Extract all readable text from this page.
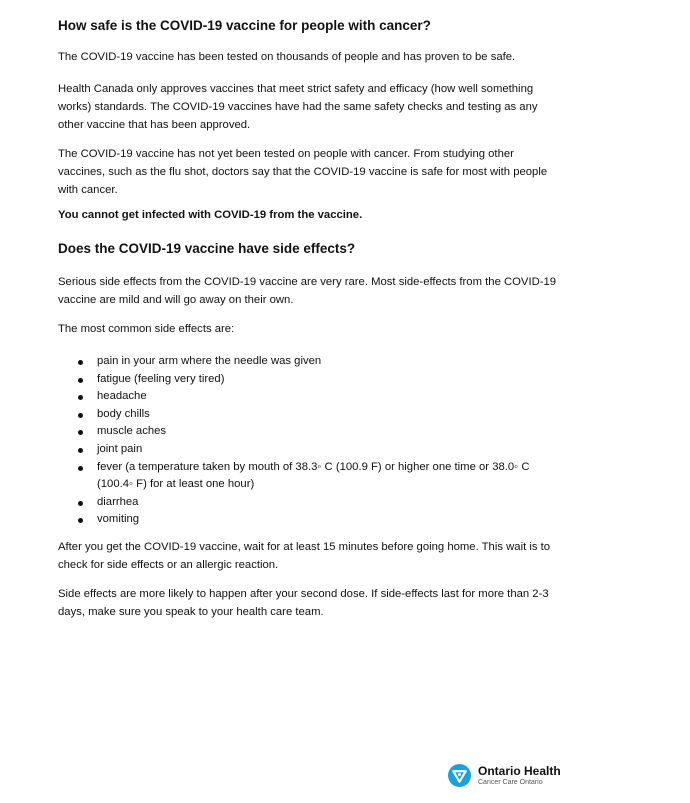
How safe is the COVID-19 vaccine for people with cancer?

The COVID-19 vaccine has been tested on thousands of people and has proven to be safe.

Health Canada only approves vaccines that meet strict safety and efficacy (how well something works) standards. The COVID-19 vaccines have had the same safety checks and testing as any other vaccine that has been approved.

The COVID-19 vaccine has not yet been tested on people with cancer. From studying other vaccines, such as the flu shot, doctors say that the COVID-19 vaccine is safe for most with people with cancer.

You cannot get infected with COVID-19 from the vaccine.

Does the COVID-19 vaccine have side effects?

Serious side effects from the COVID-19 vaccine are very rare. Most side-effects from the COVID-19 vaccine are mild and will go away on their own.

The most common side effects are:

pain in your arm where the needle was given
fatigue (feeling very tired)
headache
body chills
muscle aches
joint pain
fever (a temperature taken by mouth of 38.3◦ C (100.9 F) or higher one time or 38.0◦ C (100.4◦ F) for at least one hour)
diarrhea
vomiting

After you get the COVID-19 vaccine, wait for at least 15 minutes before going home. This wait is to check for side effects or an allergic reaction.

Side effects are more likely to happen after your second dose. If side-effects last for more than 2-3 days, make sure you speak to your health care team.

Ontario Health
Cancer Care Ontario
